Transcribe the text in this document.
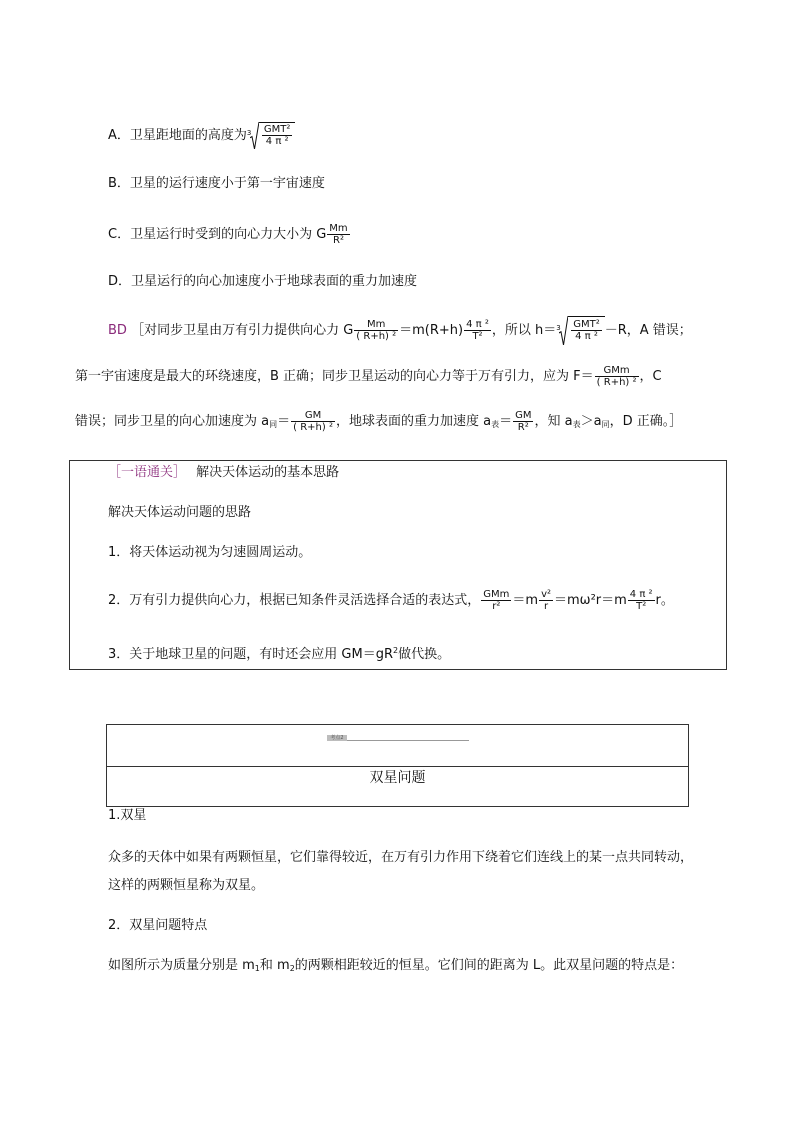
A．卫星距地面的高度为 $3 \frac{\text{GMT²}}{\text{4 π ²}}$
B．卫星的运行速度小于第一宇宙速度
C．卫星运行时受到的向心力大小为 G $\frac{Mm}{\text{R²}}$
D．卫星运行的向心加速度小于地球表面的重力加速度
BD ［对同步卫星由万有引力提供向心力 G $\frac{Mm}{\text{( R+h) ²}} =m(R+h) \frac{\text{4 π ²}}{\text{T²}}$ ，所以 $h= 3 \frac{\text{GMT²}}{\text{4 π ²}} -R$，A 错误；
第一宇宙速度是最大的环绕速度，B 正确；同步卫星运动的向心力等于万有引力，应为 $F= \frac{\text{GMm}}{\text{( R+h) ²}}$ ，C
错误；同步卫星的向心加速度为 $a_同= \frac{GM}{\text{( R+h) ²}}$ ，地球表面的重力加速度 $a_表= \frac{GM}{\text{R²}}$ ，知 $a_表>a_同$，D 正确。］
［一语通关］ 解决天体运动的基本思路
解决天体运动问题的思路
1．将天体运动视为匀速圆周运动。
2．万有引力提供向心力，根据已知条件灵活选择合适的表达式， $\frac{\text{GMm}}{\text{r²}} =m \frac{\text{v²}}{r} =m\omega^2r=m \frac{\text{4 π ²}}{\text{T²}}$ r。
3．关于地球卫星的问题，有时还会应用 $GM=gR^2$做代换。
考点2
双星问题
1.双星
众多的天体中如果有两颗恒星，它们靠得较近，在万有引力作用下绕着它们连线上的某一点共同转动，
这样的两颗恒星称为双星。
2．双星问题特点
如图所示为质量分别是 $m_1$和 $m_2$的两颗相距较近的恒星。它们间的距离为 L。此双星问题的特点是：
